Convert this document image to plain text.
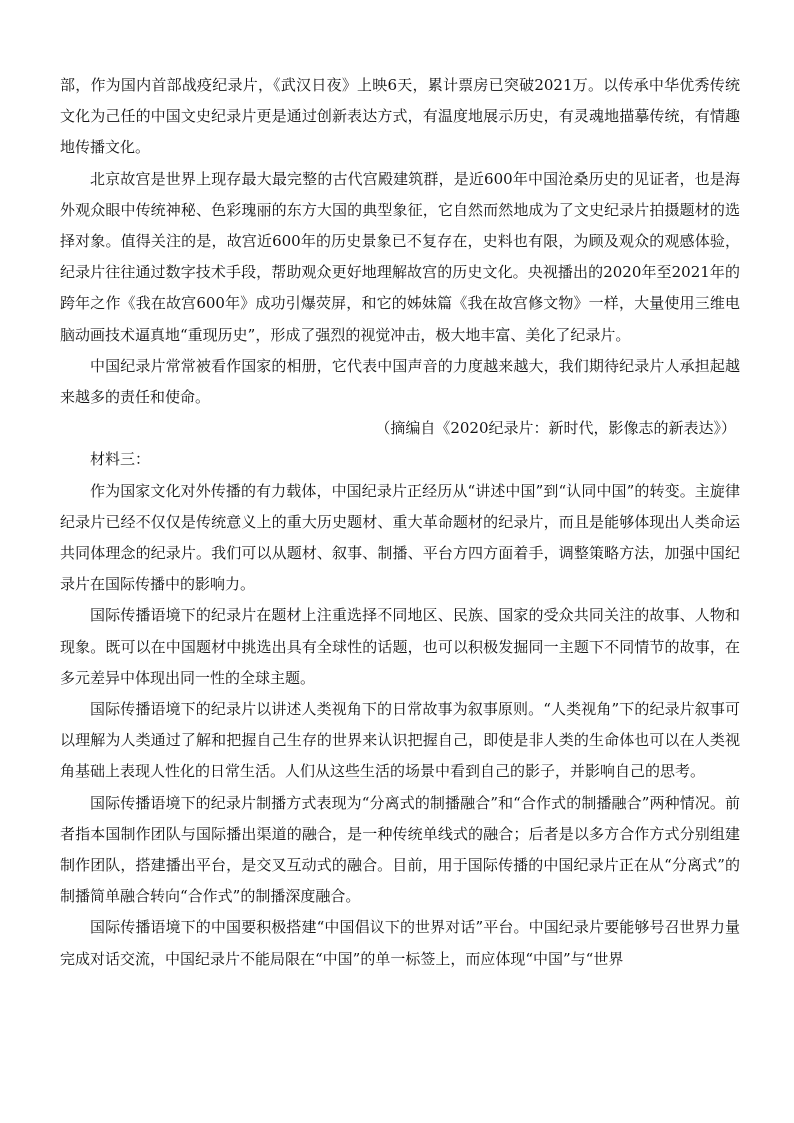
部，作为国内首部战疫纪录片，《武汉日夜》上映6天，累计票房已突破2021万。以传承中华优秀传统文化为己任的中国文史纪录片更是通过创新表达方式，有温度地展示历史，有灵魂地描摹传统，有情趣地传播文化。

北京故宫是世界上现存最大最完整的古代宫殿建筑群，是近600年中国沧桑历史的见证者，也是海外观众眼中传统神秘、色彩瑰丽的东方大国的典型象征，它自然而然地成为了文史纪录片拍摄题材的选择对象。值得关注的是，故宫近600年的历史景象已不复存在，史料也有限，为顾及观众的观感体验，纪录片往往通过数字技术手段，帮助观众更好地理解故宫的历史文化。央视播出的2020年至2021年的跨年之作《我在故宫600年》成功引爆荧屏，和它的姊妹篇《我在故宫修文物》一样，大量使用三维电脑动画技术逼真地“重现历史”，形成了强烈的视觉冲击，极大地丰富、美化了纪录片。

中国纪录片常常被看作国家的相册，它代表中国声音的力度越来越大，我们期待纪录片人承担起越来越多的责任和使命。

（摘编自《2020纪录片：新时代，影像志的新表达》）

材料三：

作为国家文化对外传播的有力载体，中国纪录片正经历从“讲述中国”到“认同中国”的转变。主旋律纪录片已经不仅仅是传统意义上的重大历史题材、重大革命题材的纪录片，而且是能够体现出人类命运共同体理念的纪录片。我们可以从题材、叙事、制播、平台方四方面着手，调整策略方法，加强中国纪录片在国际传播中的影响力。

国际传播语境下的纪录片在题材上注重选择不同地区、民族、国家的受众共同关注的故事、人物和现象。既可以在中国题材中挑选出具有全球性的话题，也可以积极发掘同一主题下不同情节的故事，在多元差异中体现出同一性的全球主题。

国际传播语境下的纪录片以讲述人类视角下的日常故事为叙事原则。“人类视角”下的纪录片叙事可以理解为人类通过了解和把握自己生存的世界来认识把握自己，即使是非人类的生命体也可以在人类视角基础上表现人性化的日常生活。人们从这些生活的场景中看到自己的影子，并影响自己的思考。

国际传播语境下的纪录片制播方式表现为“分离式的制播融合”和“合作式的制播融合”两种情况。前者指本国制作团队与国际播出渠道的融合，是一种传统单线式的融合；后者是以多方合作方式分别组建制作团队，搭建播出平台，是交叉互动式的融合。目前，用于国际传播的中国纪录片正在从“分离式”的制播简单融合转向“合作式”的制播深度融合。

国际传播语境下的中国要积极搭建“中国倡议下的世界对话”平台。中国纪录片要能够号召世界力量完成对话交流，中国纪录片不能局限在“中国”的单一标签上，而应体现“中国”与“世界
